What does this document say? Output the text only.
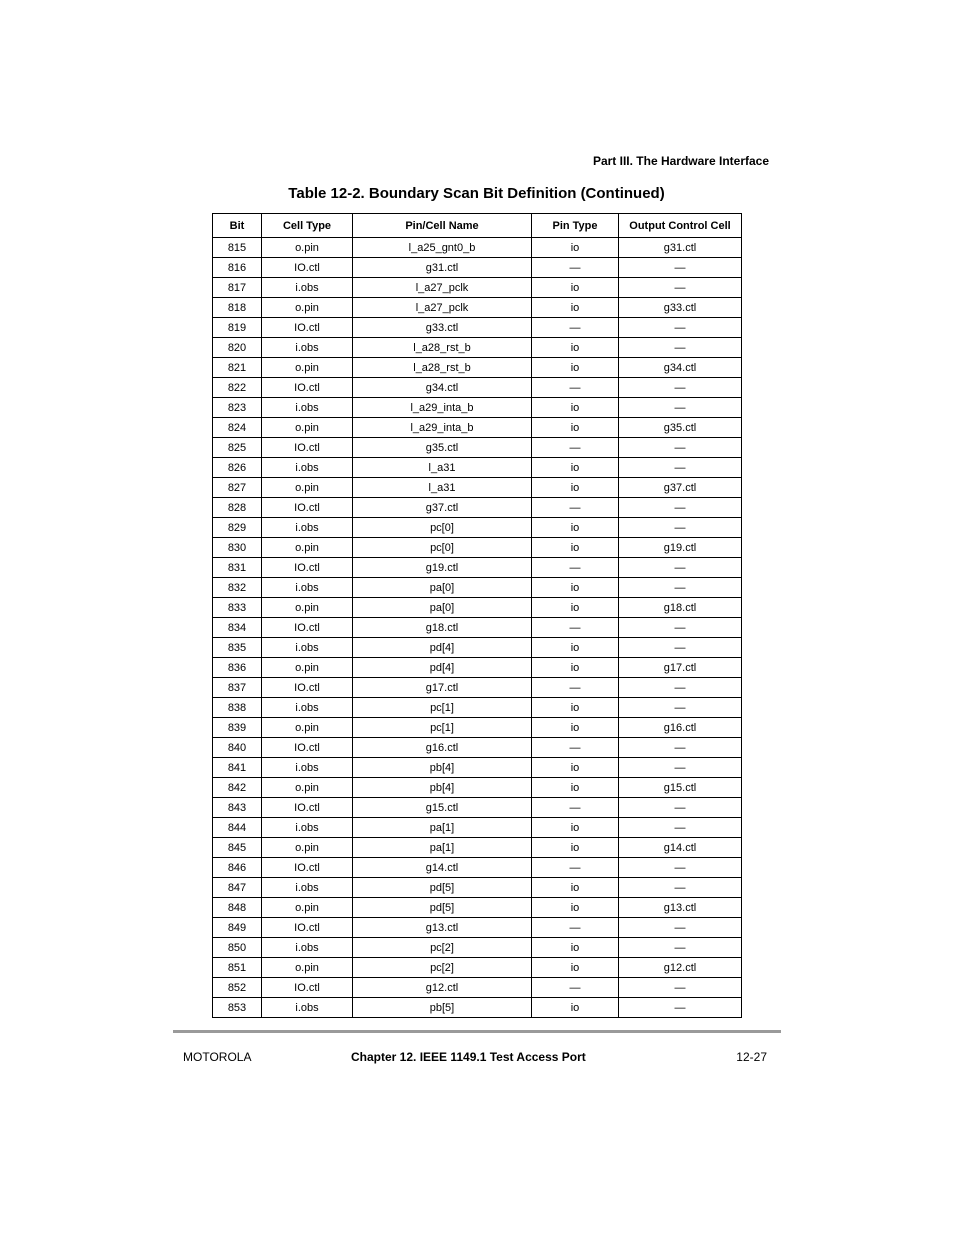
Part III. The Hardware Interface
Table 12-2. Boundary Scan Bit Definition (Continued)
Bit	Cell Type	Pin/Cell Name	Pin Type	Output Control Cell
815	o.pin	l_a25_gnt0_b	io	g31.ctl
816	IO.ctl	g31.ctl	—	—
817	i.obs	l_a27_pclk	io	—
818	o.pin	l_a27_pclk	io	g33.ctl
819	IO.ctl	g33.ctl	—	—
820	i.obs	l_a28_rst_b	io	—
821	o.pin	l_a28_rst_b	io	g34.ctl
822	IO.ctl	g34.ctl	—	—
823	i.obs	l_a29_inta_b	io	—
824	o.pin	l_a29_inta_b	io	g35.ctl
825	IO.ctl	g35.ctl	—	—
826	i.obs	l_a31	io	—
827	o.pin	l_a31	io	g37.ctl
828	IO.ctl	g37.ctl	—	—
829	i.obs	pc[0]	io	—
830	o.pin	pc[0]	io	g19.ctl
831	IO.ctl	g19.ctl	—	—
832	i.obs	pa[0]	io	—
833	o.pin	pa[0]	io	g18.ctl
834	IO.ctl	g18.ctl	—	—
835	i.obs	pd[4]	io	—
836	o.pin	pd[4]	io	g17.ctl
837	IO.ctl	g17.ctl	—	—
838	i.obs	pc[1]	io	—
839	o.pin	pc[1]	io	g16.ctl
840	IO.ctl	g16.ctl	—	—
841	i.obs	pb[4]	io	—
842	o.pin	pb[4]	io	g15.ctl
843	IO.ctl	g15.ctl	—	—
844	i.obs	pa[1]	io	—
845	o.pin	pa[1]	io	g14.ctl
846	IO.ctl	g14.ctl	—	—
847	i.obs	pd[5]	io	—
848	o.pin	pd[5]	io	g13.ctl
849	IO.ctl	g13.ctl	—	—
850	i.obs	pc[2]	io	—
851	o.pin	pc[2]	io	g12.ctl
852	IO.ctl	g12.ctl	—	—
853	i.obs	pb[5]	io	—
MOTOROLA	Chapter 12. IEEE 1149.1 Test Access Port	12-27
